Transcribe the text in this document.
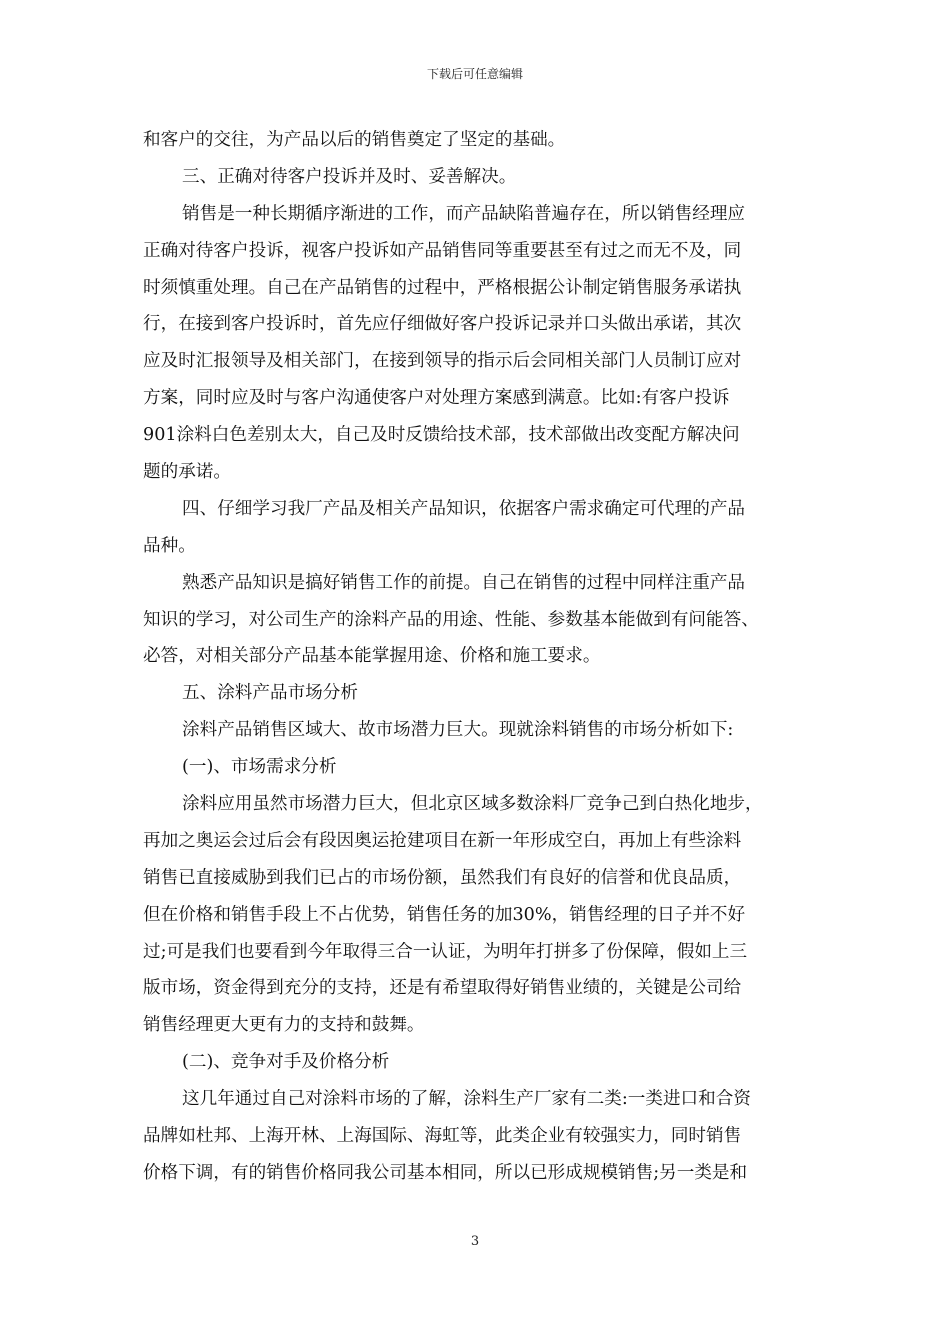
下载后可任意编辑
和客户的交往，为产品以后的销售奠定了坚定的基础。
三、正确对待客户投诉并及时、妥善解决。
销售是一种长期循序渐进的工作，而产品缺陷普遍存在，所以销售经理应
正确对待客户投诉，视客户投诉如产品销售同等重要甚至有过之而无不及，同
时须慎重处理。自己在产品销售的过程中，严格根据公讣制定销售服务承诺执
行，在接到客户投诉时，首先应仔细做好客户投诉记录并口头做出承诺，其次
应及时汇报领导及相关部门，在接到领导的指示后会同相关部门人员制订应对
方案，同时应及时与客户沟通使客户对处理方案感到满意。比如:有客户投诉
901涂料白色差别太大，自己及时反馈给技术部，技术部做出改变配方解决问
题的承诺。
四、仔细学习我厂产品及相关产品知识，依据客户需求确定可代理的产品
品种。
熟悉产品知识是搞好销售工作的前提。自己在销售的过程中同样注重产品
知识的学习，对公司生产的涂料产品的用途、性能、参数基本能做到有问能答、
必答，对相关部分产品基本能掌握用途、价格和施工要求。
五、涂料产品市场分析
涂料产品销售区域大、故市场潜力巨大。现就涂料销售的市场分析如下:
(一)、市场需求分析
涂料应用虽然市场潜力巨大，但北京区域多数涂料厂竞争己到白热化地步，
再加之奥运会过后会有段因奥运抢建项目在新一年形成空白，再加上有些涂料
销售已直接威胁到我们已占的市场份额，虽然我们有良好的信誉和优良品质，
但在价格和销售手段上不占优势，销售任务的加30%，销售经理的日子并不好
过;可是我们也要看到今年取得三合一认证，为明年打拼多了份保障，假如上三
版市场，资金得到充分的支持，还是有希望取得好销售业绩的，关键是公司给
销售经理更大更有力的支持和鼓舞。
(二)、竞争对手及价格分析
这几年通过自己对涂料市场的了解，涂料生产厂家有二类:一类进口和合资
品牌如杜邦、上海开林、上海国际、海虹等，此类企业有较强实力，同时销售
价格下调，有的销售价格同我公司基本相同，所以已形成规模销售;另一类是和
3
